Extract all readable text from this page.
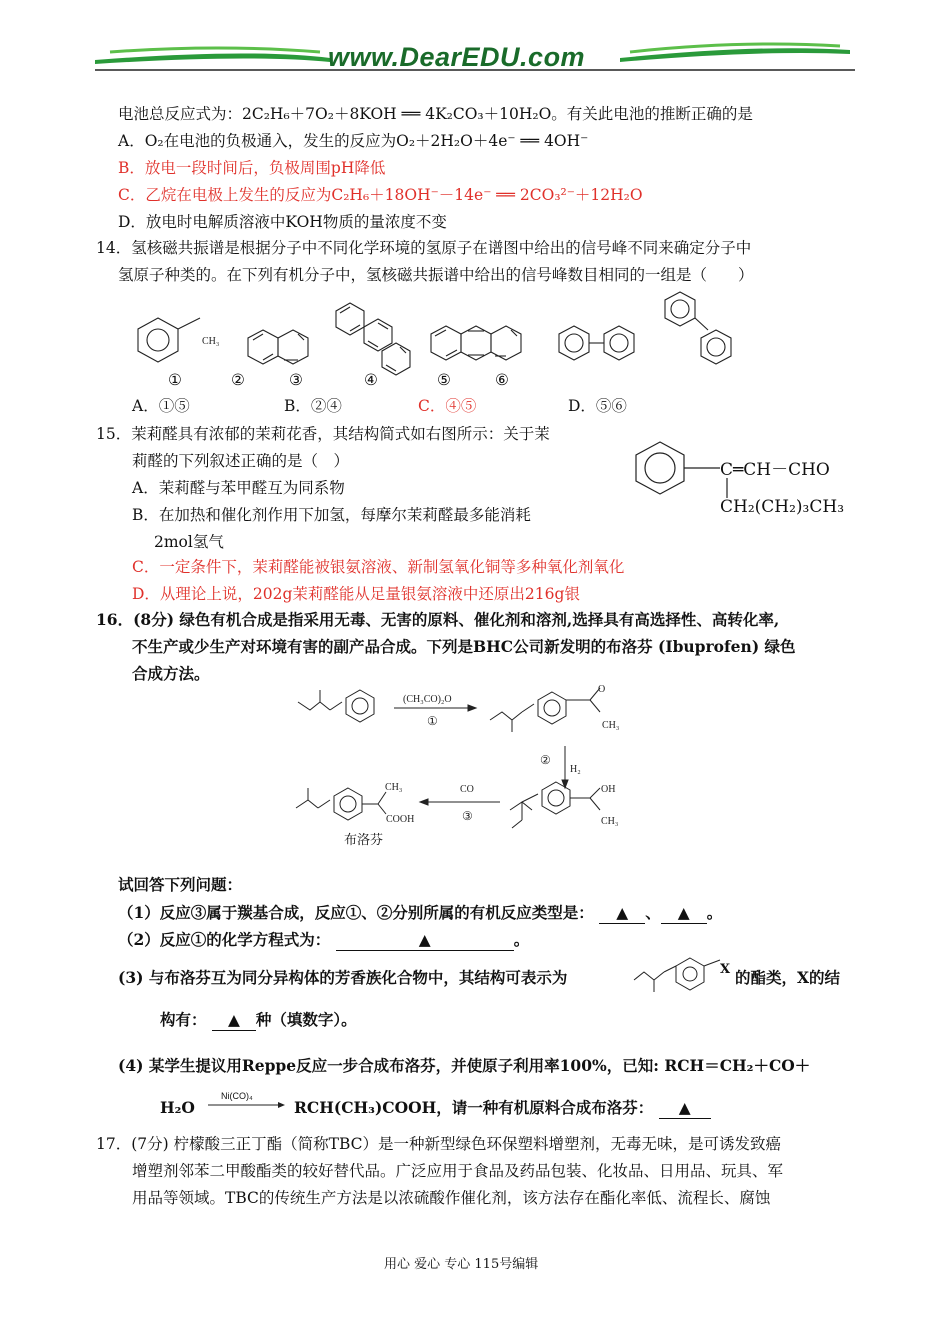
www.DearEDU.com
电池总反应式为：2C₂H₆＋7O₂＋8KOH ══ 4K₂CO₃＋10H₂O。有关此电池的推断正确的是
A．O₂在电池的负极通入，发生的反应为O₂＋2H₂O＋4e⁻ ══ 4OH⁻
B．放电一段时间后，负极周围pH降低
C．乙烷在电极上发生的反应为C₂H₆＋18OH⁻－14e⁻ ══ 2CO₃²⁻＋12H₂O
D．放电时电解质溶液中KOH物质的量浓度不变
14．氢核磁共振谱是根据分子中不同化学环境的氢原子在谱图中给出的信号峰不同来确定分子中
氢原子种类的。在下列有机分子中，氢核磁共振谱中给出的信号峰数目相同的一组是（　　）
CH₃
①	②	③	④	⑤	⑥
A．①⑤	B．②④	C．④⑤	D．⑤⑥
15．茉莉醛具有浓郁的茉莉花香，其结构简式如右图所示：关于茉
莉醛的下列叙述正确的是（　）
A．茉莉醛与苯甲醛互为同系物
B．在加热和催化剂作用下加氢，每摩尔茉莉醛最多能消耗
2mol氢气
C．一定条件下，茉莉醛能被银氨溶液、新制氢氧化铜等多种氧化剂氧化
D．从理论上说，202g茉莉醛能从足量银氨溶液中还原出216g银
C═CH－CHO
CH₂(CH₂)₃CH₃
16．(8分) 绿色有机合成是指采用无毒、无害的原料、催化剂和溶剂,选择具有高选择性、高转化率,
不生产或少生产对环境有害的副产品合成。下列是BHC公司新发明的布洛芬 (Ibuprofen) 绿色
合成方法。
(CH₃CO)₂O
①
O
CH₃
②
H₂
OH
CH₃
CO
③
CH₃
COOH
布洛芬
试回答下列问题：
（1）反应③属于羰基合成，反应①、②分别所属的有机反应类型是： ▲ 、 ▲ 。
（2）反应①的化学方程式为：	▲	。
(3) 与布洛芬互为同分异构体的芳香族化合物中，其结构可表示为	X 的酯类，X的结
构有： ▲ 种（填数字）。
(4) 某学生提议用Reppe反应一步合成布洛芬，并使原子利用率100%，已知: RCH＝CH₂＋CO＋
H₂O
Ni(CO)₄
RCH(CH₃)COOH，请一种有机原料合成布洛芬： ▲
17．(7分) 柠檬酸三正丁酯（简称TBC）是一种新型绿色环保塑料增塑剂，无毒无味，是可诱发致癌
增塑剂邻苯二甲酸酯类的较好替代品。广泛应用于食品及药品包装、化妆品、日用品、玩具、军
用品等领域。TBC的传统生产方法是以浓硫酸作催化剂，该方法存在酯化率低、流程长、腐蚀
用心 爱心 专心 115号编辑
